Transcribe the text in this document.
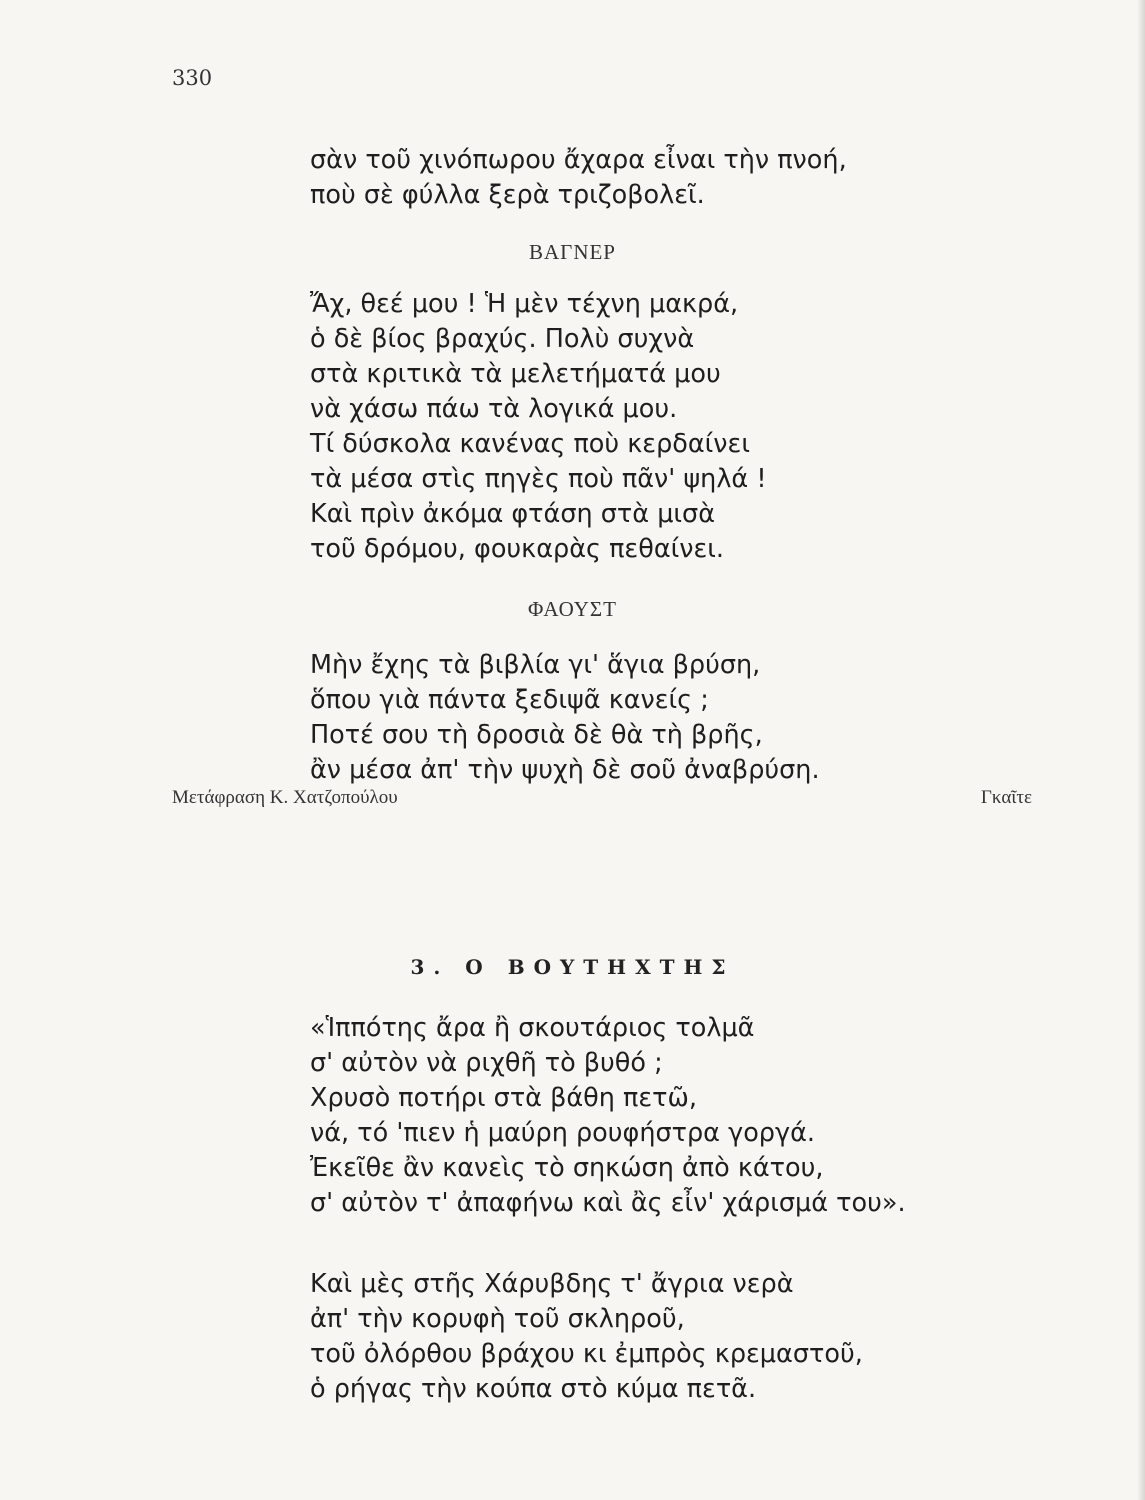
330
σὰν τοῦ χινόπωρου ἄχαρα εἶναι τὴν πνοή,
ποὺ σὲ φύλλα ξερὰ τριζοβολεῖ.
ΒΑΓΝΕΡ
Ἄχ, θεέ μου ! Ἡ μὲν τέχνη μακρά,
ὁ δὲ βίος βραχύς. Πολὺ συχνὰ
στὰ κριτικὰ τὰ μελετήματά μου
νὰ χάσω πάω τὰ λογικά μου.
Τί δύσκολα κανένας ποὺ κερδαίνει
τὰ μέσα στὶς πηγὲς ποὺ πᾶν' ψηλά !
Καὶ πρὶν ἀκόμα φτάση στὰ μισὰ
τοῦ δρόμου, φουκαρὰς πεθαίνει.
ΦΑΟΥΣΤ
Μὴν ἔχης τὰ βιβλία γι' ἅγια βρύση,
ὅπου γιὰ πάντα ξεδιψᾶ κανείς ;
Ποτέ σου τὴ δροσιὰ δὲ θὰ τὴ βρῆς,
ἂν μέσα ἀπ' τὴν ψυχὴ δὲ σοῦ ἀναβρύση.
Μετάφραση Κ. Χατζοπούλου	Γκαῖτε
3. Ο ΒΟΥΤΗΧΤΗΣ
«Ἱππότης ἄρα ἢ σκουτάριος τολμᾶ
σ' αὐτὸν νὰ ριχθῆ τὸ βυθό ;
Χρυσὸ ποτήρι στὰ βάθη πετῶ,
νά, τό 'πιεν ἡ μαύρη ρουφήστρα γοργά.
Ἐκεῖθε ἂν κανεὶς τὸ σηκώση ἀπὸ κάτου,
σ' αὐτὸν τ' ἀπαφήνω καὶ ἂς εἶν' χάρισμά του».
Καὶ μὲς στῆς Χάρυβδης τ' ἄγρια νερὰ
ἀπ' τὴν κορυφὴ τοῦ σκληροῦ,
τοῦ ὀλόρθου βράχου κι ἐμπρὸς κρεμαστοῦ,
ὁ ρήγας τὴν κούπα στὸ κύμα πετᾶ.
